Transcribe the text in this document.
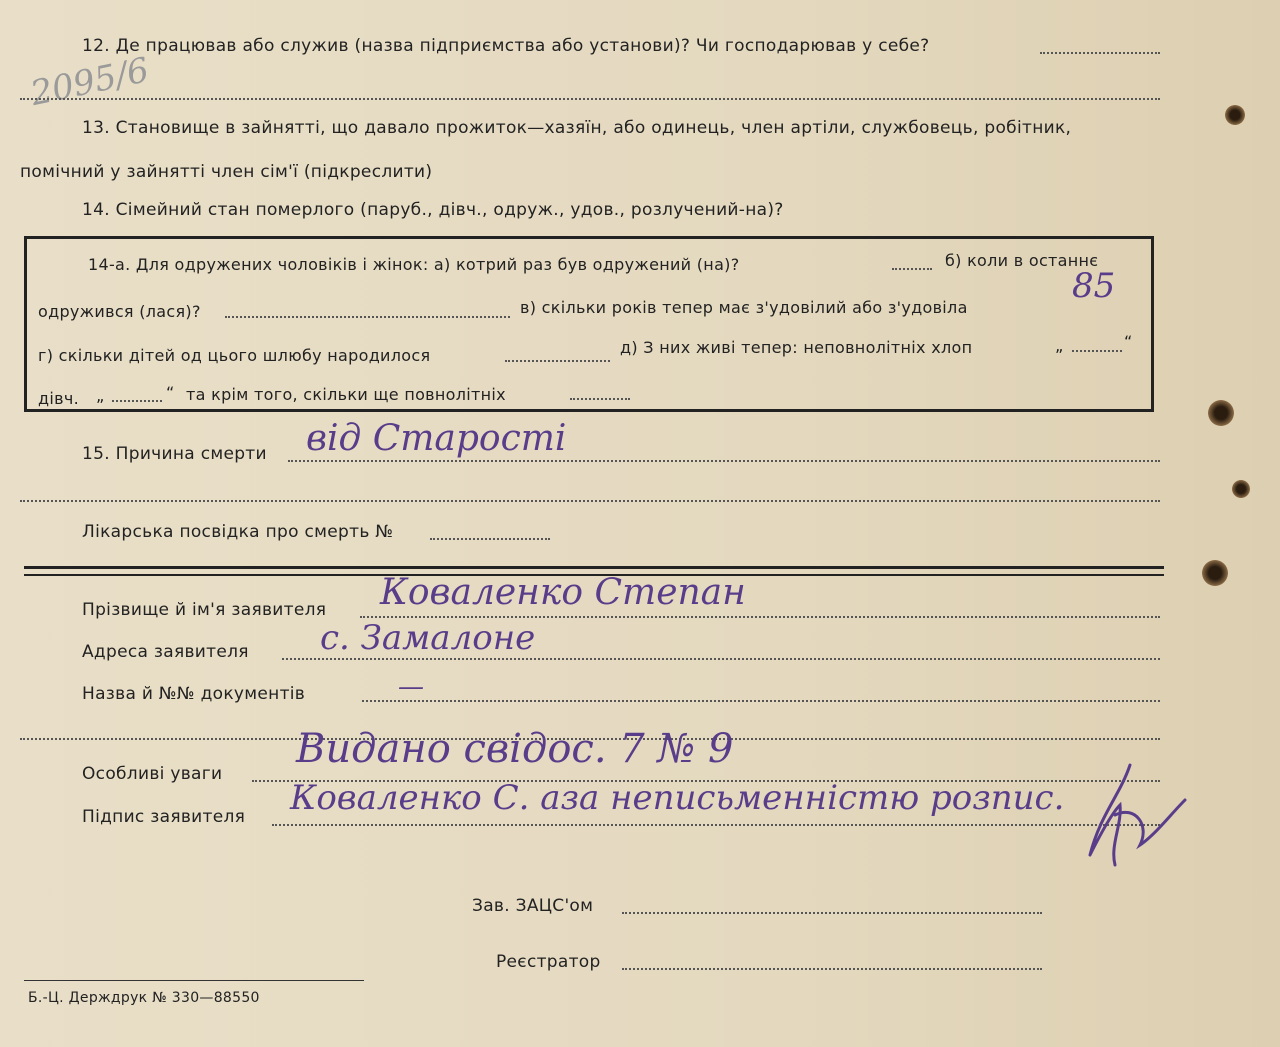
2095/6
12. Де працював або служив (назва підприємства або установи)? Чи господарював у себе?
13. Становище в зайнятті, що давало прожиток—хазяїн, або одинець, член артіли, службовець, робітник,
помічний у зайнятті член сім'ї (підкреслити)
14. Сімейний стан померлого (паруб., дівч., одруж., удов., розлучений-на)?
14-а. Для одружених чоловіків і жінок: а) котрий раз був одружений (на)?	б) коли в останнє
одружився (лася)?	в) скільки років тепер має з'удовілий або з'удовіла
85
г) скільки дітей од цього шлюбу народилося	д) З них живі тепер: неповнолітніх хлоп	„	“
дівч. „	“ та крім того, скільки ще повнолітніх
15. Причина смерти від Старості
Лікарська посвідка про смерть №
Прізвище й ім'я заявителя Коваленко Степан
Адреса заявителя с. Замалоне
Назва й №№ документів	—
Особливі уваги
Видано свідос. 7 № 9
Підпис заявителя Коваленко С. аза неписьменністю розпис.
Зав. ЗАЦС'ом
Реєстратор
Б.-Ц. Держдрук № 330—88550
